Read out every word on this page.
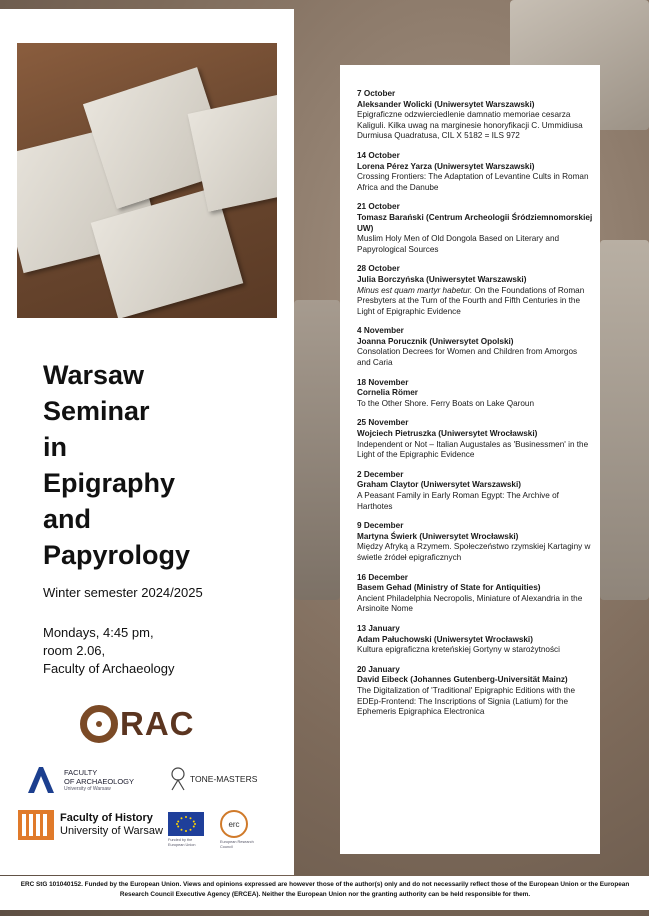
Warsaw
Seminar
in
Epigraphy
and
Papyrology
Winter semester 2024/2025
Mondays, 4:45 pm,
room 2.06,
Faculty of Archaeology
RAC
FACULTY
OF ARCHAEOLOGY
University of Warsaw
TONE-MASTERS
Faculty of History
University of Warsaw
Funded by the European Union
erc
European Research Council
7 October
Aleksander Wolicki (Uniwersytet Warszawski)
Epigraficzne odzwierciedlenie damnatio memoriae cesarza Kaliguli. Kilka uwag na marginesie honoryfikacji C. Ummidiusa Durmiusa Quadratusa, CIL X 5182 = ILS 972
14 October
Lorena Pérez Yarza (Uniwersytet Warszawski)
Crossing Frontiers: The Adaptation of Levantine Cults in Roman Africa and the Danube
21 October
Tomasz Barański (Centrum Archeologii Śródziemnomorskiej UW)
Muslim Holy Men of Old Dongola Based on Literary and Papyrological Sources
28 October
Julia Borczyńska (Uniwersytet Warszawski)
Minus est quam martyr habetur. On the Foundations of Roman Presbyters at the Turn of the Fourth and Fifth Centuries in the Light of Epigraphic Evidence
4 November
Joanna Porucznik (Uniwersytet Opolski)
Consolation Decrees for Women and Children from Amorgos and Caria
18 November
Cornelia Römer
To the Other Shore. Ferry Boats on Lake Qaroun
25 November
Wojciech Pietruszka (Uniwersytet Wrocławski)
Independent or Not – Italian Augustales as 'Businessmen' in the Light of the Epigraphic Evidence
2 December
Graham Claytor (Uniwersytet Warszawski)
A Peasant Family in Early Roman Egypt: The Archive of Harthotes
9 December
Martyna Świerk (Uniwersytet Wrocławski)
Między Afryką a Rzymem. Społeczeństwo rzymskiej Kartaginy w świetle źródeł epigraficznych
16 December
Basem Gehad (Ministry of State for Antiquities)
Ancient Philadelphia Necropolis, Miniature of Alexandria in the Arsinoite Nome
13 January
Adam Pałuchowski (Uniwersytet Wrocławski)
Kultura epigraficzna kreteńskiej Gortyny w starożytności
20 January
David Eibeck (Johannes Gutenberg-Universität Mainz)
The Digitalization of 'Traditional' Epigraphic Editions with the EDEp-Frontend: The Inscriptions of Signia (Latium) for the Ephemeris Epigraphica Electronica
ERC StG 101040152. Funded by the European Union. Views and opinions expressed are however those of the author(s) only and do not necessarily reflect those of the European Union or the European Research Council Executive Agency (ERCEA). Neither the European Union nor the granting authority can be held responsible for them.
